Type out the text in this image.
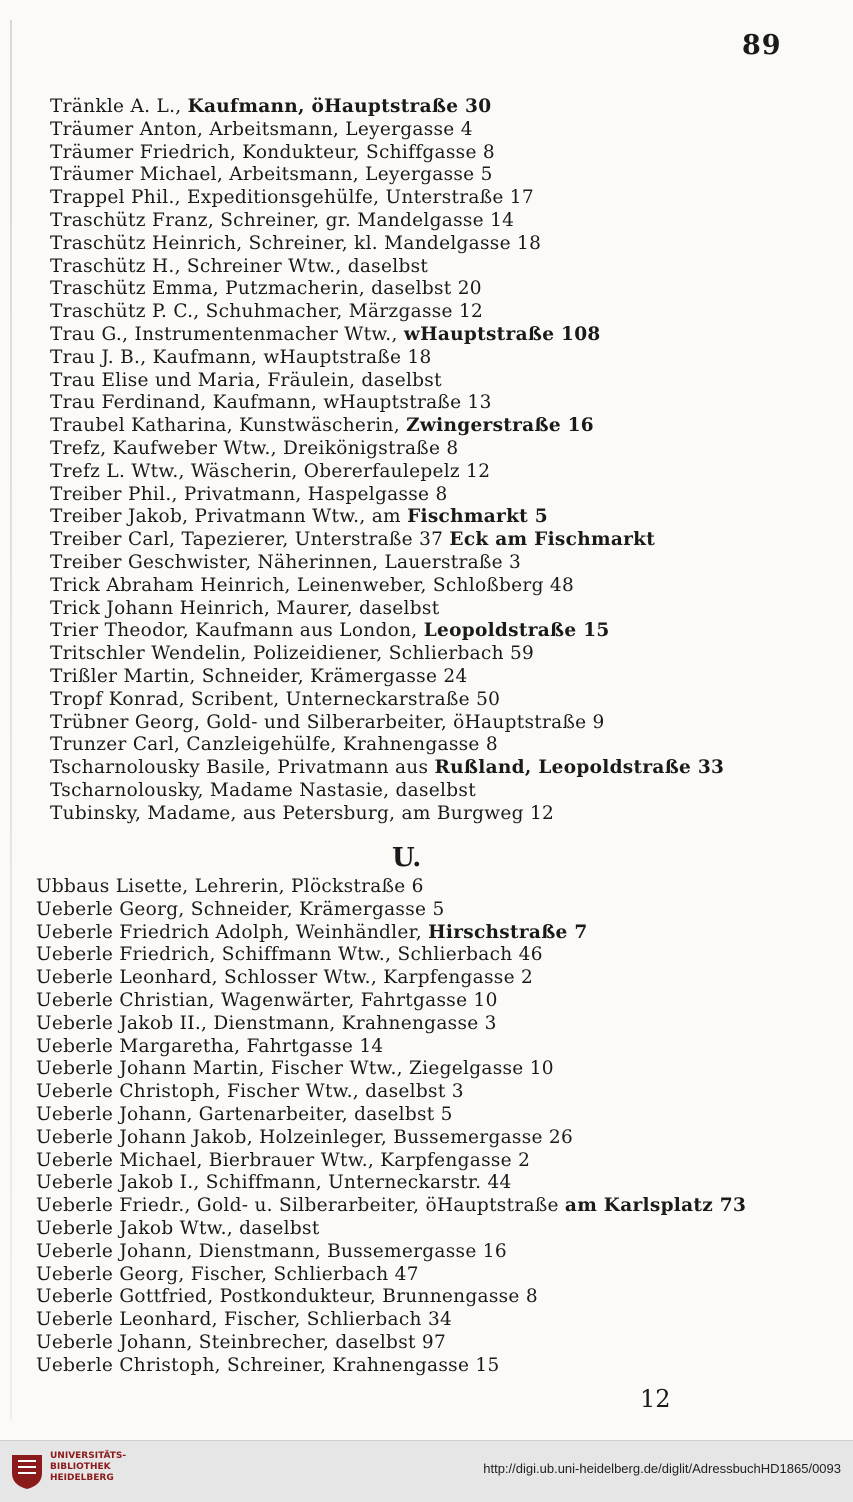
89
Tränkle A. L., Kaufmann, öHauptstraße 30
Träumer Anton, Arbeitsmann, Leyergasse 4
Träumer Friedrich, Kondukteur, Schiffgasse 8
Träumer Michael, Arbeitsmann, Leyergasse 5
Trappel Phil., Expeditionsgehülfe, Unterstraße 17
Traschütz Franz, Schreiner, gr. Mandelgasse 14
Traschütz Heinrich, Schreiner, kl. Mandelgasse 18
Traschütz H., Schreiner Wtw., daselbst
Traschütz Emma, Putzmacherin, daselbst 20
Traschütz P. C., Schuhmacher, Märzgasse 12
Trau G., Instrumentenmacher Wtw., wHauptstraße 108
Trau J. B., Kaufmann, wHauptstraße 18
Trau Elise und Maria, Fräulein, daselbst
Trau Ferdinand, Kaufmann, wHauptstraße 13
Traubel Katharina, Kunstwäscherin, Zwingerstraße 16
Trefz, Kaufweber Wtw., Dreikönigstraße 8
Trefz L. Wtw., Wäscherin, Obererfaulepelz 12
Treiber Phil., Privatmann, Haspelgasse 8
Treiber Jakob, Privatmann Wtw., am Fischmarkt 5
Treiber Carl, Tapezierer, Unterstraße 37 Eck am Fischmarkt
Treiber Geschwister, Näherinnen, Lauerstraße 3
Trick Abraham Heinrich, Leinenweber, Schloßberg 48
Trick Johann Heinrich, Maurer, daselbst
Trier Theodor, Kaufmann aus London, Leopoldstraße 15
Tritschler Wendelin, Polizeidiener, Schlierbach 59
Trißler Martin, Schneider, Krämergasse 24
Tropf Konrad, Scribent, Unterneckarstraße 50
Trübner Georg, Gold- und Silberarbeiter, öHauptstraße 9
Trunzer Carl, Canzleigehülfe, Krahnengasse 8
Tscharnolousky Basile, Privatmann aus Rußland, Leopoldstraße 33
Tscharnolousky, Madame Nastasie, daselbst
Tubinsky, Madame, aus Petersburg, am Burgweg 12
U.
Ubbaus Lisette, Lehrerin, Plöckstraße 6
Ueberle Georg, Schneider, Krämergasse 5
Ueberle Friedrich Adolph, Weinhändler, Hirschstraße 7
Ueberle Friedrich, Schiffmann Wtw., Schlierbach 46
Ueberle Leonhard, Schlosser Wtw., Karpfengasse 2
Ueberle Christian, Wagenwärter, Fahrtgasse 10
Ueberle Jakob II., Dienstmann, Krahnengasse 3
Ueberle Margaretha, Fahrtgasse 14
Ueberle Johann Martin, Fischer Wtw., Ziegelgasse 10
Ueberle Christoph, Fischer Wtw., daselbst 3
Ueberle Johann, Gartenarbeiter, daselbst 5
Ueberle Johann Jakob, Holzeinleger, Bussemergasse 26
Ueberle Michael, Bierbrauer Wtw., Karpfengasse 2
Ueberle Jakob I., Schiffmann, Unterneckarstr. 44
Ueberle Friedr., Gold- u. Silberarbeiter, öHauptstraße am Karlsplatz 73
Ueberle Jakob Wtw., daselbst
Ueberle Johann, Dienstmann, Bussemergasse 16
Ueberle Georg, Fischer, Schlierbach 47
Ueberle Gottfried, Postkondukteur, Brunnengasse 8
Ueberle Leonhard, Fischer, Schlierbach 34
Ueberle Johann, Steinbrecher, daselbst 97
Ueberle Christoph, Schreiner, Krahnengasse 15
12
UNIVERSITÄTS-
BIBLIOTHEK
HEIDELBERG
http://digi.ub.uni-heidelberg.de/diglit/AdressbuchHD1865/0093
